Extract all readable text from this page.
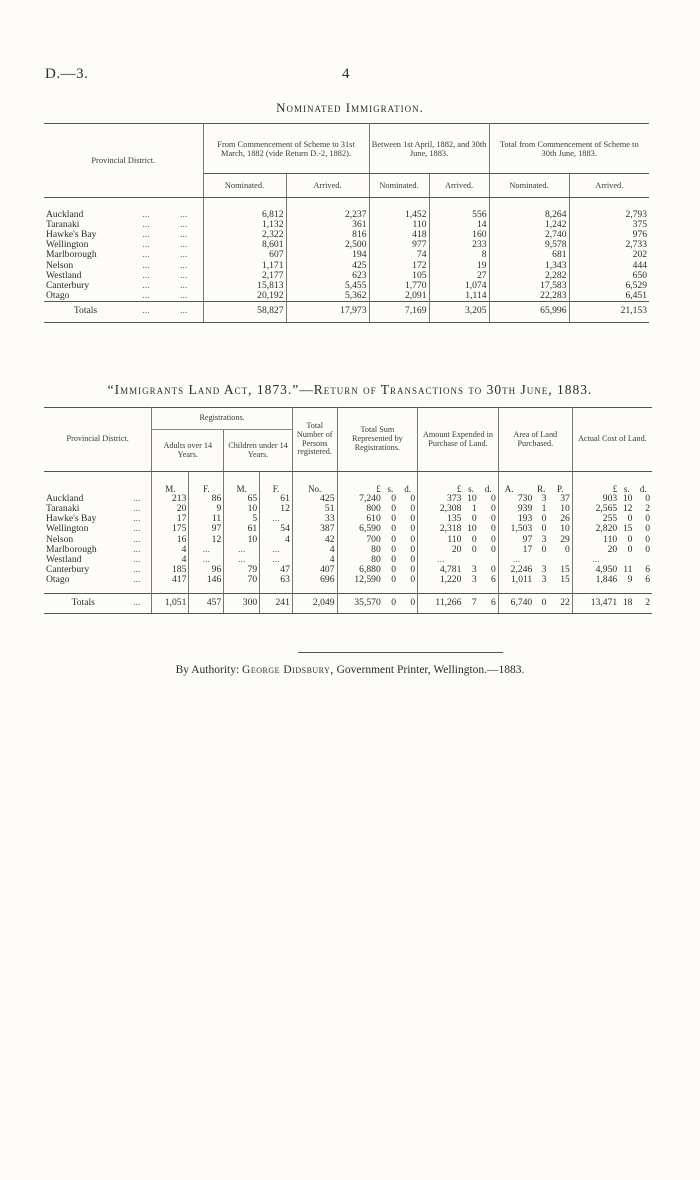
D.—3.	4
Nominated Immigration.
Provincial District.			From Commencement of Scheme to 31st March, 1882 (vide Return D.-2, 1882).		Between 1st April, 1882, and 30th June, 1883.		Total from Commencement of Scheme to 30th June, 1883.	
			Nominated.	Arrived.	Nominated.	Arrived.	Nominated.	Arrived.

Auckland	...	...	6,812	2,237	1,452	556	8,264	2,793
Taranaki	...	...	1,132	361	110	14	1,242	375
Hawke's Bay	...	...	2,322	816	418	160	2,740	976
Wellington	...	...	8,601	2,500	977	233	9,578	2,733
Marlborough	...	...	607	194	74	8	681	202
Nelson	...	...	1,171	425	172	19	1,343	444
Westland	...	...	2,177	623	105	27	2,282	650
Canterbury	...	...	15,813	5,455	1,770	1,074	17,583	6,529
Otago	...	...	20,192	5,362	2,091	1,114	22,283	6,451
Totals	...	...	58,827	17,973	7,169	3,205	65,996	21,153
“Immigrants Land Act, 1873.”—Return of Transactions to 30th June, 1883.
Provincial District.		Registrations.				Total Number of Persons registered.	Total Sum Represented by Registrations.			Amount Expended in Purchase of Land.			Area of Land Purchased.			Actual Cost of Land.		
		Adults over 14 Years.		Children under 14 Years.														

		M.	F.	M.	F.	No.	£	s.	d.	£	s.	d.	A.	R.	P.	£	s.	d.
Auckland	...	213	86	65	61	425	7,240	0	0	373	10	0	730	3	37	903	10	0
Taranaki	...	20	9	10	12	51	800	0	0	2,308	1	0	939	1	10	2,565	12	2
Hawke's Bay	...	17	11	5	...	33	610	0	0	135	0	0	193	0	26	255	0	0
Wellington	...	175	97	61	54	387	6,590	0	0	2,318	10	0	1,503	0	10	2,820	15	0
Nelson	...	16	12	10	4	42	700	0	0	110	0	0	97	3	29	110	0	0
Marlborough	...	4	...	...	...	4	80	0	0	20	0	0	17	0	0	20	0	0
Westland	...	4	...	...	...	4	80	0	0	...			...			...		
Canterbury	...	185	96	79	47	407	6,880	0	0	4,781	3	0	2,246	3	15	4,950	11	6
Otago	...	417	146	70	63	696	12,590	0	0	1,220	3	6	1,011	3	15	1,846	9	6

Totals	...	1,051	457	300	241	2,049	35,570	0	0	11,266	7	6	6,740	0	22	13,471	18	2
By Authority: George Didsbury, Government Printer, Wellington.—1883.
